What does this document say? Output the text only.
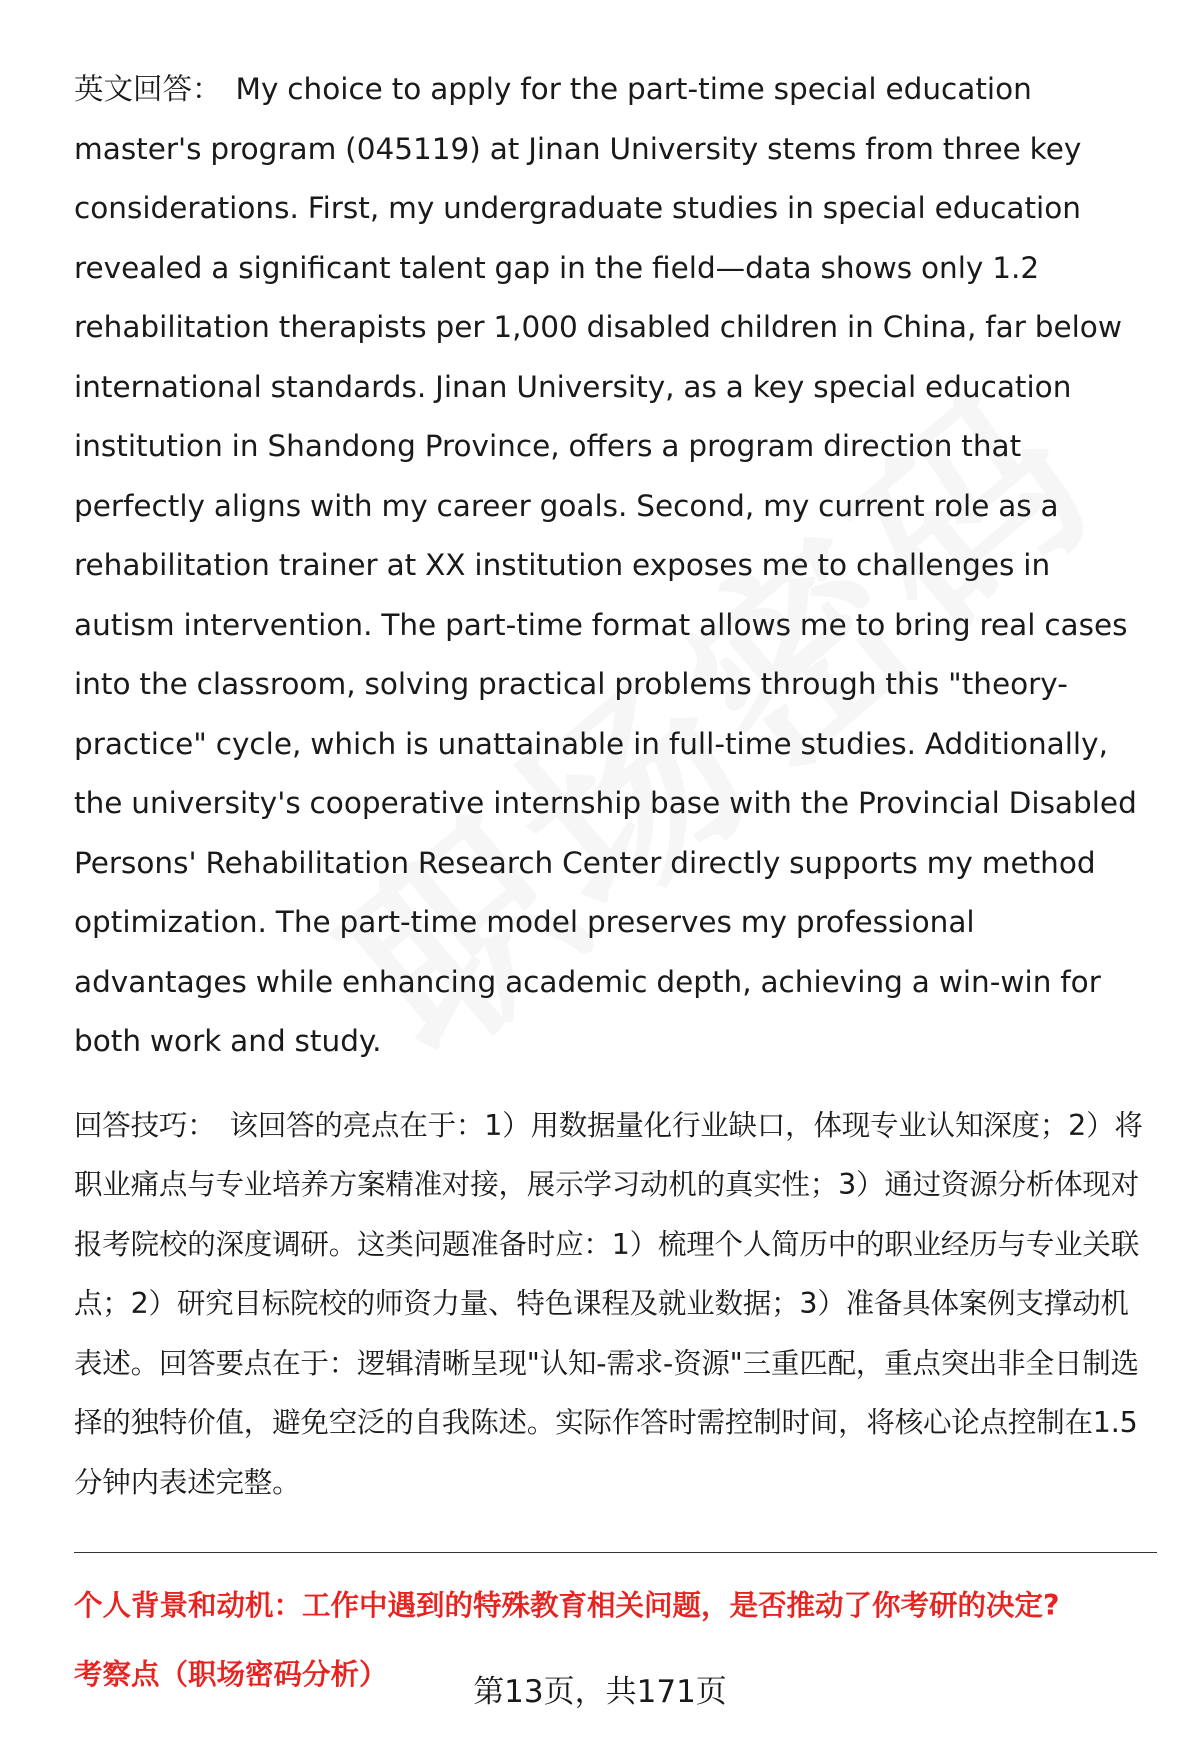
英文回答： My choice to apply for the part-time special education master's program (045119) at Jinan University stems from three key considerations. First, my undergraduate studies in special education revealed a significant talent gap in the field—data shows only 1.2 rehabilitation therapists per 1,000 disabled children in China, far below international standards. Jinan University, as a key special education institution in Shandong Province, offers a program direction that perfectly aligns with my career goals. Second, my current role as a rehabilitation trainer at XX institution exposes me to challenges in autism intervention. The part-time format allows me to bring real cases into the classroom, solving practical problems through this "theory-practice" cycle, which is unattainable in full-time studies. Additionally, the university's cooperative internship base with the Provincial Disabled Persons' Rehabilitation Research Center directly supports my method optimization. The part-time model preserves my professional advantages while enhancing academic depth, achieving a win-win for both work and study.

回答技巧： 该回答的亮点在于：1）用数据量化行业缺口，体现专业认知深度；2）将职业痛点与专业培养方案精准对接，展示学习动机的真实性；3）通过资源分析体现对报考院校的深度调研。这类问题准备时应：1）梳理个人简历中的职业经历与专业关联点；2）研究目标院校的师资力量、特色课程及就业数据；3）准备具体案例支撑动机表述。回答要点在于：逻辑清晰呈现"认知-需求-资源"三重匹配，重点突出非全日制选择的独特价值，避免空泛的自我陈述。实际作答时需控制时间，将核心论点控制在1.5分钟内表述完整。

个人背景和动机：工作中遇到的特殊教育相关问题，是否推动了你考研的决定?
考察点（职场密码分析）	第13页，共171页
